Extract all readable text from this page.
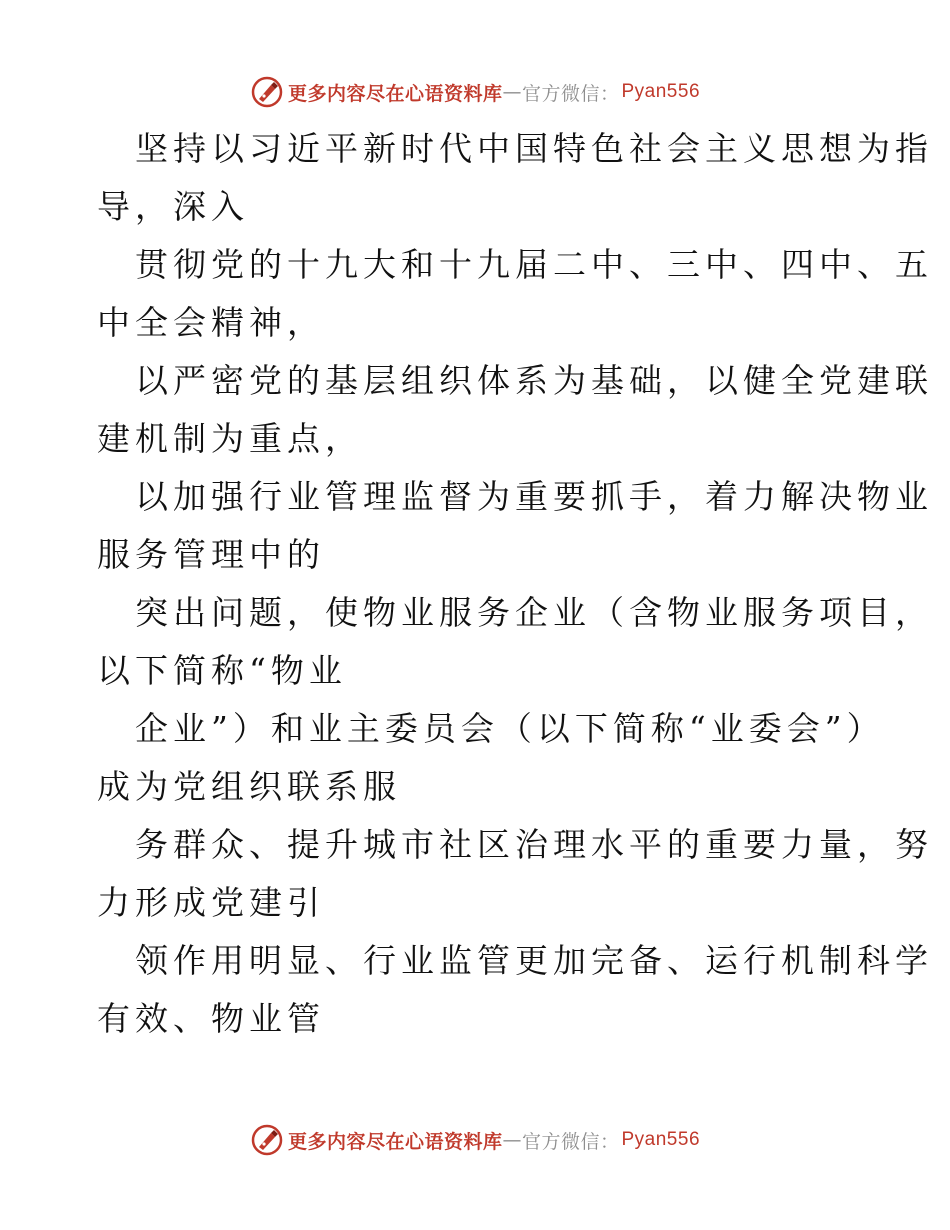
更多内容尽在心语资料库 — 官方微信： Pyan556
坚持以习近平新时代中国特色社会主义思想为指
导，深入
贯彻党的十九大和十九届二中、三中、四中、五
中全会精神，
以严密党的基层组织体系为基础，以健全党建联
建机制为重点，
以加强行业管理监督为重要抓手，着力解决物业
服务管理中的
突出问题，使物业服务企业（含物业服务项目，
以下简称“物业
企业”）和业主委员会（以下简称“业委会”）
成为党组织联系服
务群众、提升城市社区治理水平的重要力量，努
力形成党建引
领作用明显、行业监管更加完备、运行机制科学
有效、物业管
更多内容尽在心语资料库 — 官方微信： Pyan556
